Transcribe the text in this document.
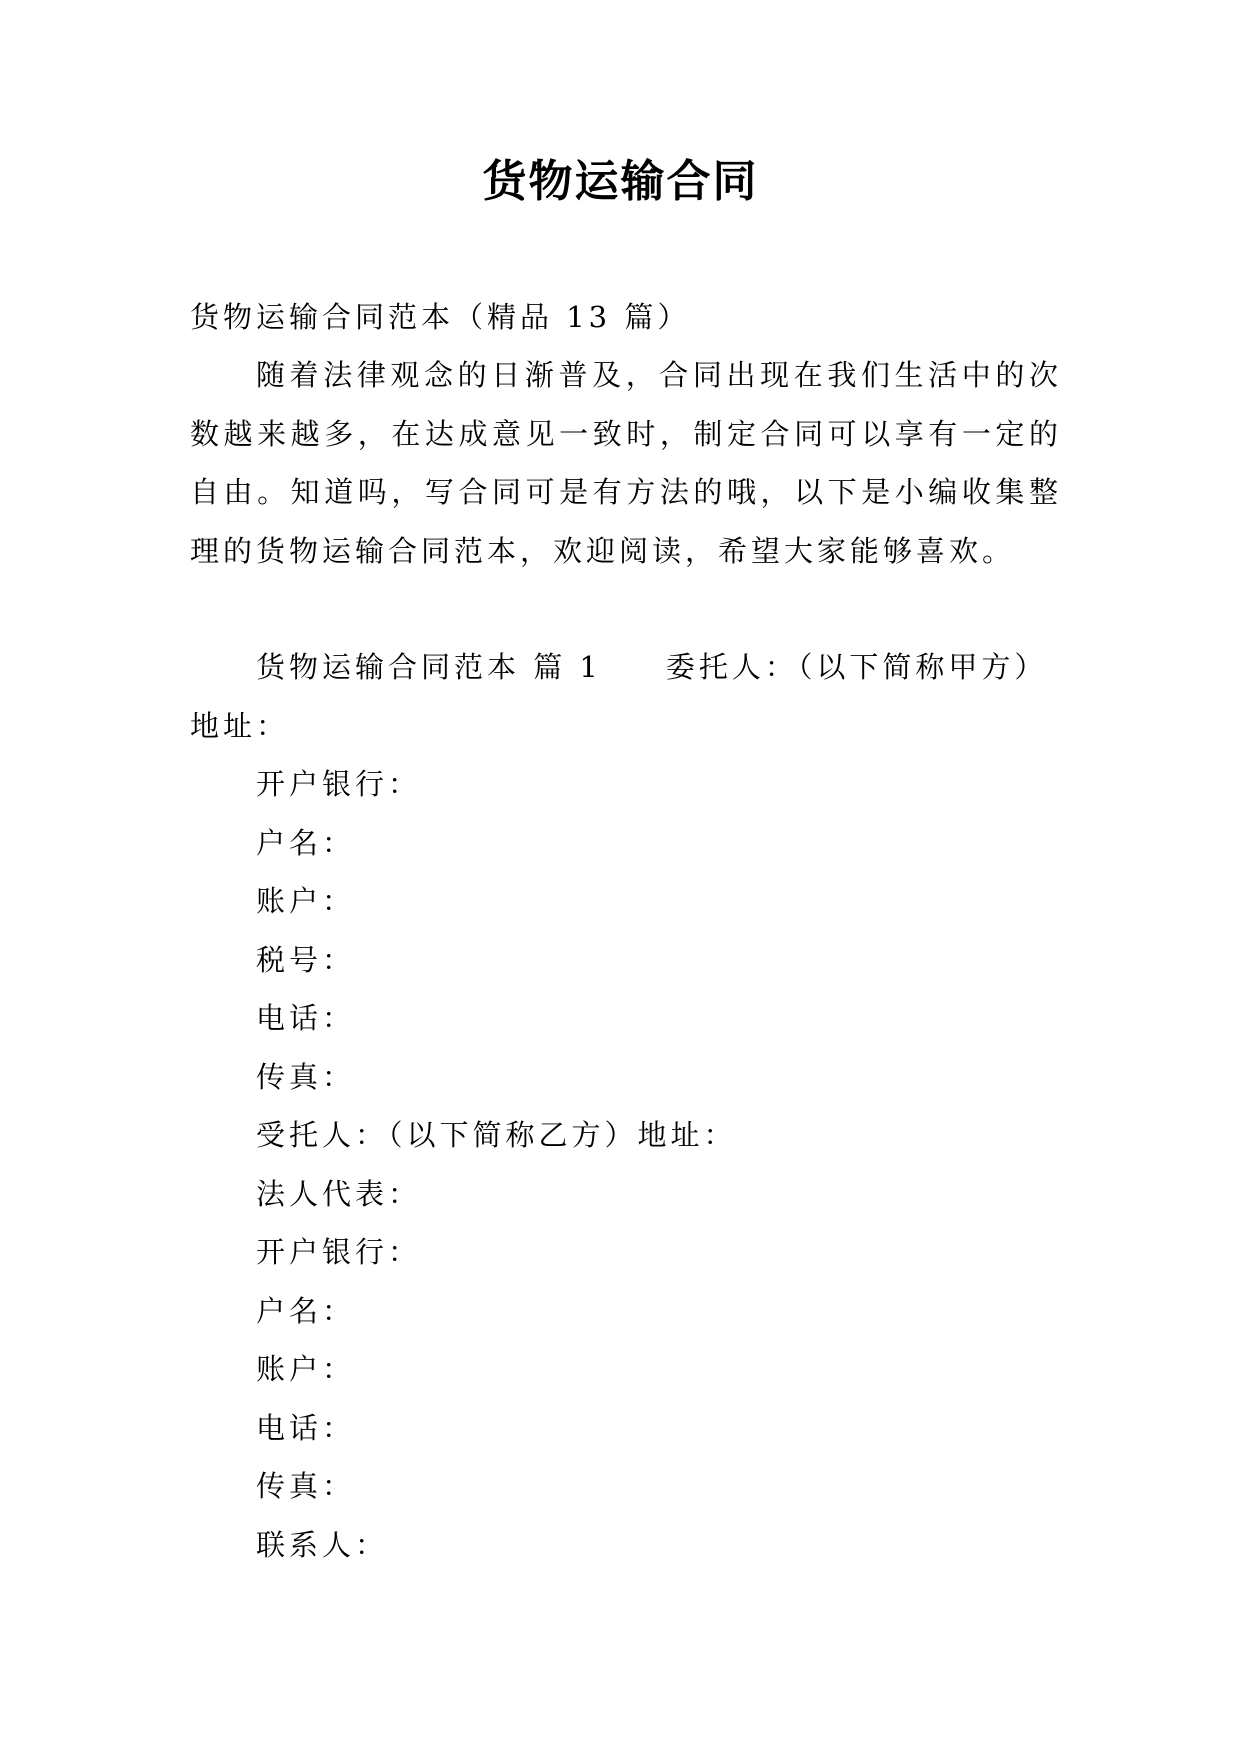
货物运输合同
货物运输合同范本（精品 13 篇）
随着法律观念的日渐普及，合同出现在我们生活中的次数越来越多，在达成意见一致时，制定合同可以享有一定的自由。知道吗，写合同可是有方法的哦，以下是小编收集整理的货物运输合同范本，欢迎阅读，希望大家能够喜欢。
货物运输合同范本 篇 1 委托人：（以下简称甲方）
地址：
开户银行：
户名：
账户：
税号：
电话：
传真：
受托人：（以下简称乙方）地址：
法人代表：
开户银行：
户名：
账户：
电话：
传真：
联系人：
